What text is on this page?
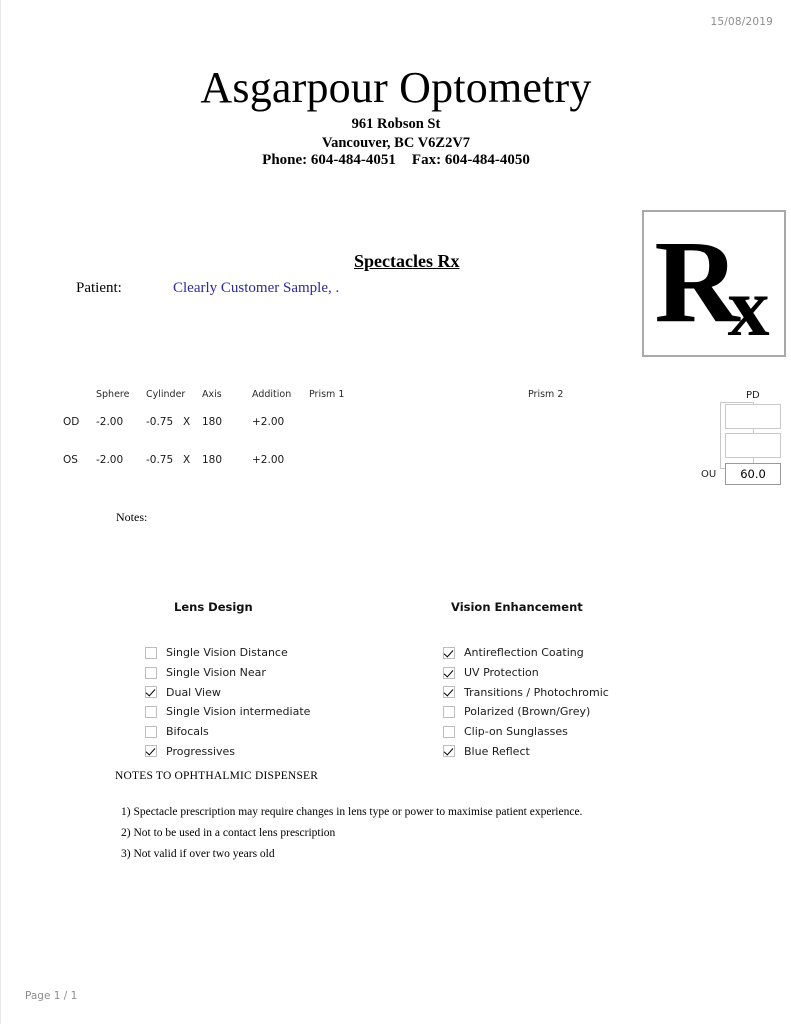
15/08/2019
Asgarpour Optometry
961 Robson St
Vancouver, BC V6Z2V7
Phone: 604-484-4051 Fax: 604-484-4050
Rx
Spectacles Rx
Patient:	Clearly Customer Sample, .
Sphere Cylinder Axis	Addition Prism 1	Prism 2
OD -2.00 -0.75 X 180	+2.00
OS -2.00 -0.75 X 180	+2.00
PD
OU	60.0
Notes:
Lens Design
Single Vision Distance
Single Vision Near
Dual View
Single Vision intermediate
Bifocals
Progressives
Vision Enhancement
Antireflection Coating
UV Protection
Transitions / Photochromic
Polarized (Brown/Grey)
Clip-on Sunglasses
Blue Reflect
NOTES TO OPHTHALMIC DISPENSER
1) Spectacle prescription may require changes in lens type or power to maximise patient experience.
2) Not to be used in a contact lens prescription
3) Not valid if over two years old
Page 1 / 1
